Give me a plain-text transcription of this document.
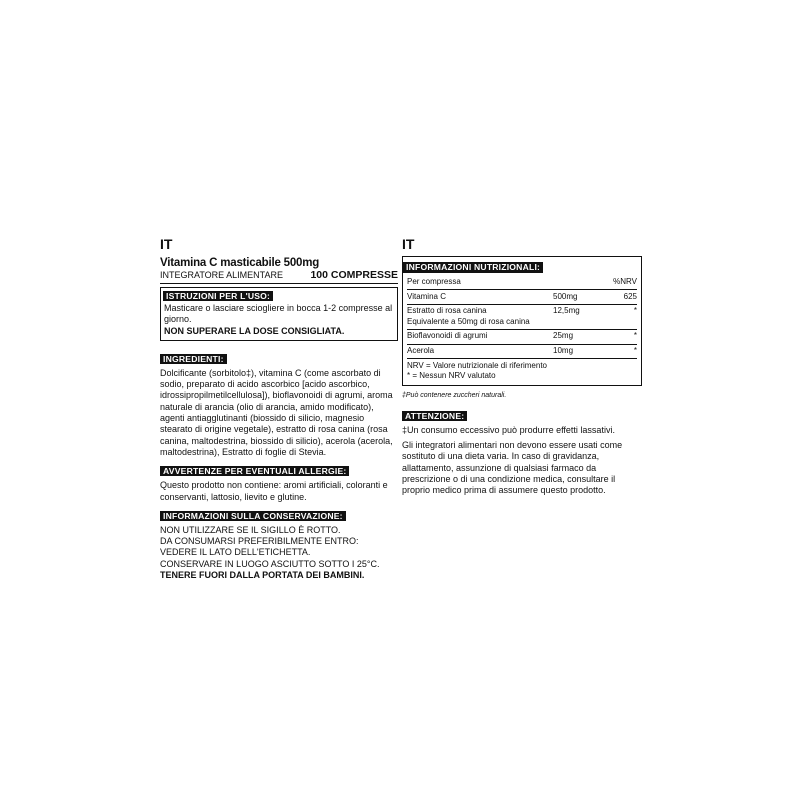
IT
Vitamina C masticabile 500mg
INTEGRATORE ALIMENTARE	100 COMPRESSE
ISTRUZIONI PER L'USO:
Masticare o lasciare sciogliere in bocca 1-2 compresse al giorno.
NON SUPERARE LA DOSE CONSIGLIATA.
INGREDIENTI:
Dolcificante (sorbitolo‡), vitamina C (come ascorbato di sodio, preparato di acido ascorbico [acido ascorbico, idrossipropilmetilcellulosa]), bioflavonoidi di agrumi, aroma naturale di arancia (olio di arancia, amido modificato), agenti antiagglutinanti (biossido di silicio, magnesio stearato di origine vegetale), estratto di rosa canina (rosa canina, maltodestrina, biossido di silicio), acerola (acerola, maltodestrina), Estratto di foglie di Stevia.
AVVERTENZE PER EVENTUALI ALLERGIE:
Questo prodotto non contiene: aromi artificiali, coloranti e conservanti, lattosio, lievito e glutine.
INFORMAZIONI SULLA CONSERVAZIONE:
NON UTILIZZARE SE IL SIGILLO È ROTTO.
DA CONSUMARSI PREFERIBILMENTE ENTRO: VEDERE IL LATO DELL'ETICHETTA.
CONSERVARE IN LUOGO ASCIUTTO SOTTO I 25°C.
TENERE FUORI DALLA PORTATA DEI BAMBINI.
IT
INFORMAZIONI NUTRIZIONALI:
Per compressa	%NRV
Vitamina C	500mg	625
Estratto di rosa canina	12,5mg	*
Equivalente a 50mg di rosa canina
Bioflavonoidi di agrumi	25mg	*
Acerola	10mg	*
NRV = Valore nutrizionale di riferimento
* = Nessun NRV valutato
‡Può contenere zuccheri naturali.
ATTENZIONE:
‡Un consumo eccessivo può produrre effetti lassativi.
Gli integratori alimentari non devono essere usati come sostituto di una dieta varia. In caso di gravidanza, allattamento, assunzione di qualsiasi farmaco da prescrizione o di una condizione medica, consultare il proprio medico prima di assumere questo prodotto.
